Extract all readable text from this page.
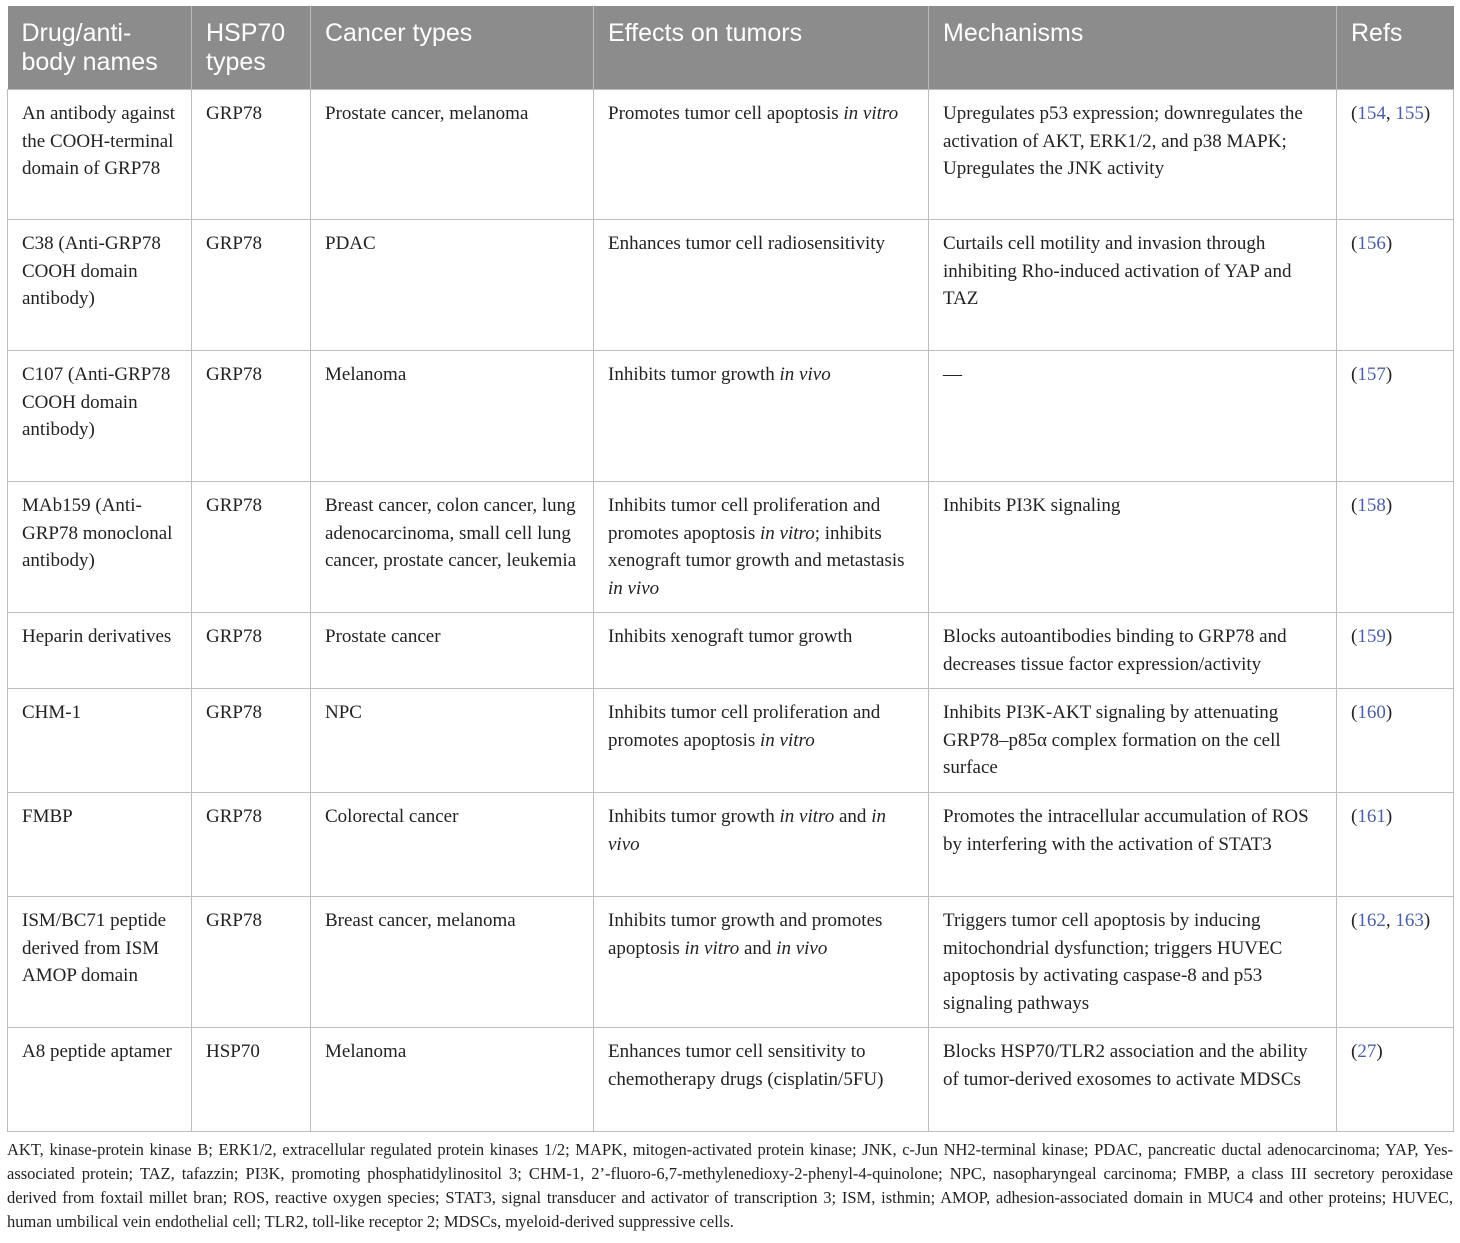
Drug/anti-body names	HSP70 types	Cancer types	Effects on tumors	Mechanisms	Refs
An antibody against the COOH-terminal domain of GRP78	GRP78	Prostate cancer, melanoma	Promotes tumor cell apoptosis in vitro	Upregulates p53 expression; downregulates the activation of AKT, ERK1/2, and p38 MAPK; Upregulates the JNK activity	(154, 155)
C38 (Anti-GRP78 COOH domain antibody)	GRP78	PDAC	Enhances tumor cell radiosensitivity	Curtails cell motility and invasion through inhibiting Rho-induced activation of YAP and TAZ	(156)
C107 (Anti-GRP78 COOH domain antibody)	GRP78	Melanoma	Inhibits tumor growth in vivo	—	(157)
MAb159 (Anti-GRP78 monoclonal antibody)	GRP78	Breast cancer, colon cancer, lung adenocarcinoma, small cell lung cancer, prostate cancer, leukemia	Inhibits tumor cell proliferation and promotes apoptosis in vitro; inhibits xenograft tumor growth and metastasis in vivo	Inhibits PI3K signaling	(158)
Heparin derivatives	GRP78	Prostate cancer	Inhibits xenograft tumor growth	Blocks autoantibodies binding to GRP78 and decreases tissue factor expression/activity	(159)
CHM-1	GRP78	NPC	Inhibits tumor cell proliferation and promotes apoptosis in vitro	Inhibits PI3K-AKT signaling by attenuating GRP78–p85α complex formation on the cell surface	(160)
FMBP	GRP78	Colorectal cancer	Inhibits tumor growth in vitro and in vivo	Promotes the intracellular accumulation of ROS by interfering with the activation of STAT3	(161)
ISM/BC71 peptide derived from ISM AMOP domain	GRP78	Breast cancer, melanoma	Inhibits tumor growth and promotes apoptosis in vitro and in vivo	Triggers tumor cell apoptosis by inducing mitochondrial dysfunction; triggers HUVEC apoptosis by activating caspase-8 and p53 signaling pathways	(162, 163)
A8 peptide aptamer	HSP70	Melanoma	Enhances tumor cell sensitivity to chemotherapy drugs (cisplatin/5FU)	Blocks HSP70/TLR2 association and the ability of tumor-derived exosomes to activate MDSCs	(27)

AKT, kinase-protein kinase B; ERK1/2, extracellular regulated protein kinases 1/2; MAPK, mitogen-activated protein kinase; JNK, c-Jun NH2-terminal kinase; PDAC, pancreatic ductal adenocarcinoma; YAP, Yes-associated protein; TAZ, tafazzin; PI3K, promoting phosphatidylinositol 3; CHM-1, 2’-fluoro-6,7-methylenedioxy-2-phenyl-4-quinolone; NPC, nasopharyngeal carcinoma; FMBP, a class III secretory peroxidase derived from foxtail millet bran; ROS, reactive oxygen species; STAT3, signal transducer and activator of transcription 3; ISM, isthmin; AMOP, adhesion-associated domain in MUC4 and other proteins; HUVEC, human umbilical vein endothelial cell; TLR2, toll-like receptor 2; MDSCs, myeloid-derived suppressive cells.
